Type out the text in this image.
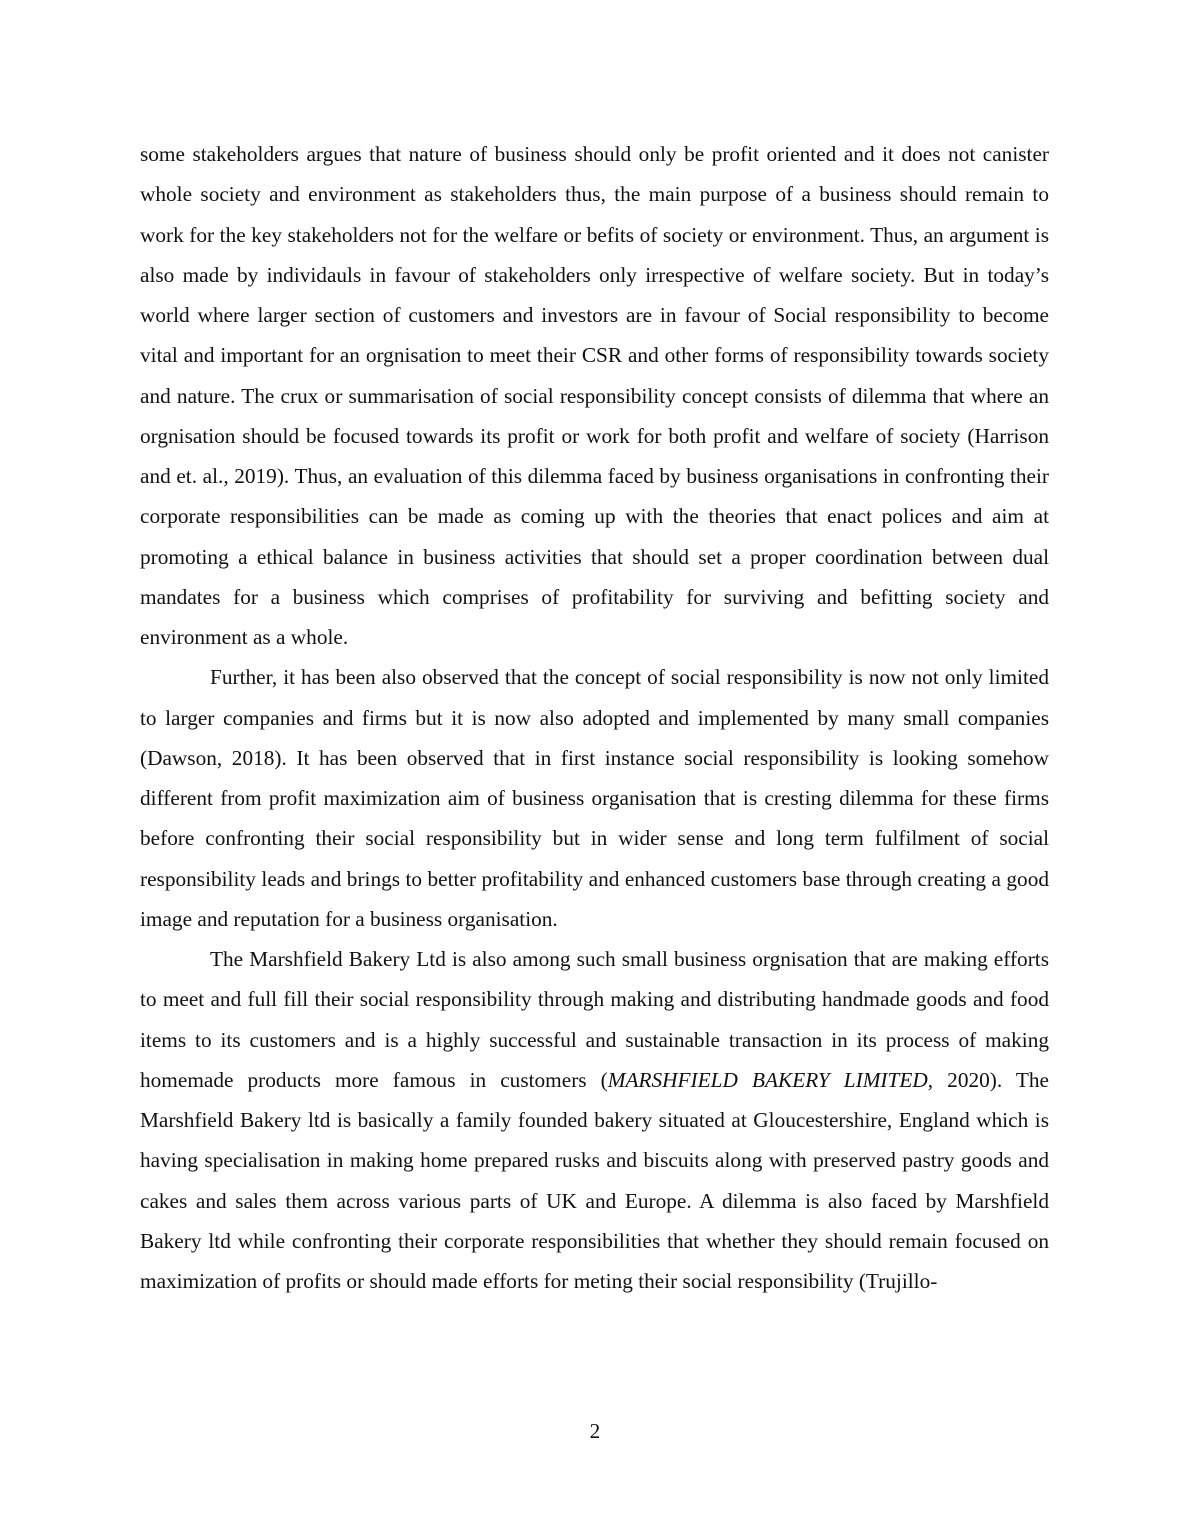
some stakeholders argues that nature of business should only be profit oriented and it does not canister whole society and environment as stakeholders thus, the main purpose of a business should remain to work for the key stakeholders not for the welfare or befits of society or environment. Thus, an argument is also made by individauls in favour of stakeholders only irrespective of welfare society. But in today’s world where larger section of customers and investors are in favour of Social responsibility to become vital and important for an orgnisation to meet their CSR and other forms of responsibility towards society and nature. The crux or summarisation of social responsibility concept consists of dilemma that where an orgnisation should be focused towards its profit or work for both profit and welfare of society (Harrison and et. al., 2019). Thus, an evaluation of this dilemma faced by business organisations in confronting their corporate responsibilities can be made as coming up with the theories that enact polices and aim at promoting a ethical balance in business activities that should set a proper coordination between dual mandates for a business which comprises of profitability for surviving and befitting society and environment as a whole.

Further, it has been also observed that the concept of social responsibility is now not only limited to larger companies and firms but it is now also adopted and implemented by many small companies (Dawson, 2018). It has been observed that in first instance social responsibility is looking somehow different from profit maximization aim of business organisation that is cresting dilemma for these firms before confronting their social responsibility but in wider sense and long term fulfilment of social responsibility leads and brings to better profitability and enhanced customers base through creating a good image and reputation for a business organisation.

The Marshfield Bakery Ltd is also among such small business orgnisation that are making efforts to meet and full fill their social responsibility through making and distributing handmade goods and food items to its customers and is a highly successful and sustainable transaction in its process of making homemade products more famous in customers (MARSHFIELD BAKERY LIMITED, 2020). The Marshfield Bakery ltd is basically a family founded bakery situated at Gloucestershire, England which is having specialisation in making home prepared rusks and biscuits along with preserved pastry goods and cakes and sales them across various parts of UK and Europe. A dilemma is also faced by Marshfield Bakery ltd while confronting their corporate responsibilities that whether they should remain focused on maximization of profits or should made efforts for meting their social responsibility (Trujillo-

2
